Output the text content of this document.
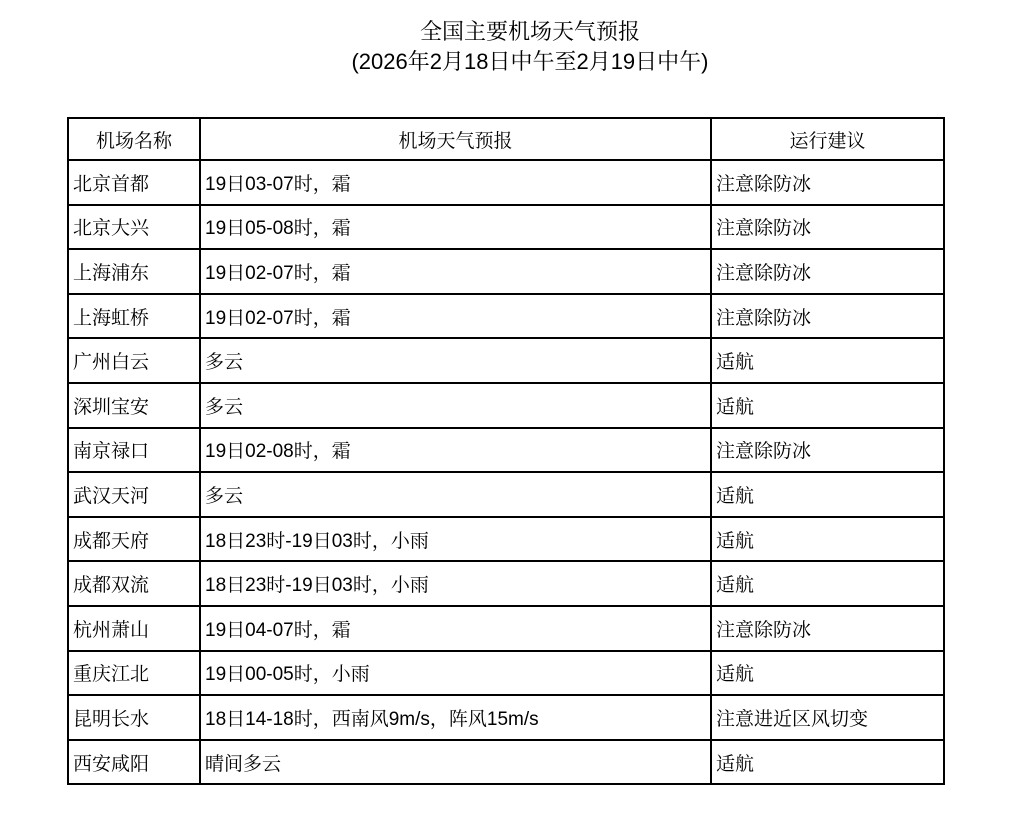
全国主要机场天气预报
(2026年2月18日中午至2月19日中午)
机场名称	机场天气预报	运行建议
北京首都	19日03-07时，霜	注意除防冰
北京大兴	19日05-08时，霜	注意除防冰
上海浦东	19日02-07时，霜	注意除防冰
上海虹桥	19日02-07时，霜	注意除防冰
广州白云	多云	适航
深圳宝安	多云	适航
南京禄口	19日02-08时，霜	注意除防冰
武汉天河	多云	适航
成都天府	18日23时-19日03时，小雨	适航
成都双流	18日23时-19日03时，小雨	适航
杭州萧山	19日04-07时，霜	注意除防冰
重庆江北	19日00-05时，小雨	适航
昆明长水	18日14-18时，西南风9m/s，阵风15m/s	注意进近区风切变
西安咸阳	晴间多云	适航
